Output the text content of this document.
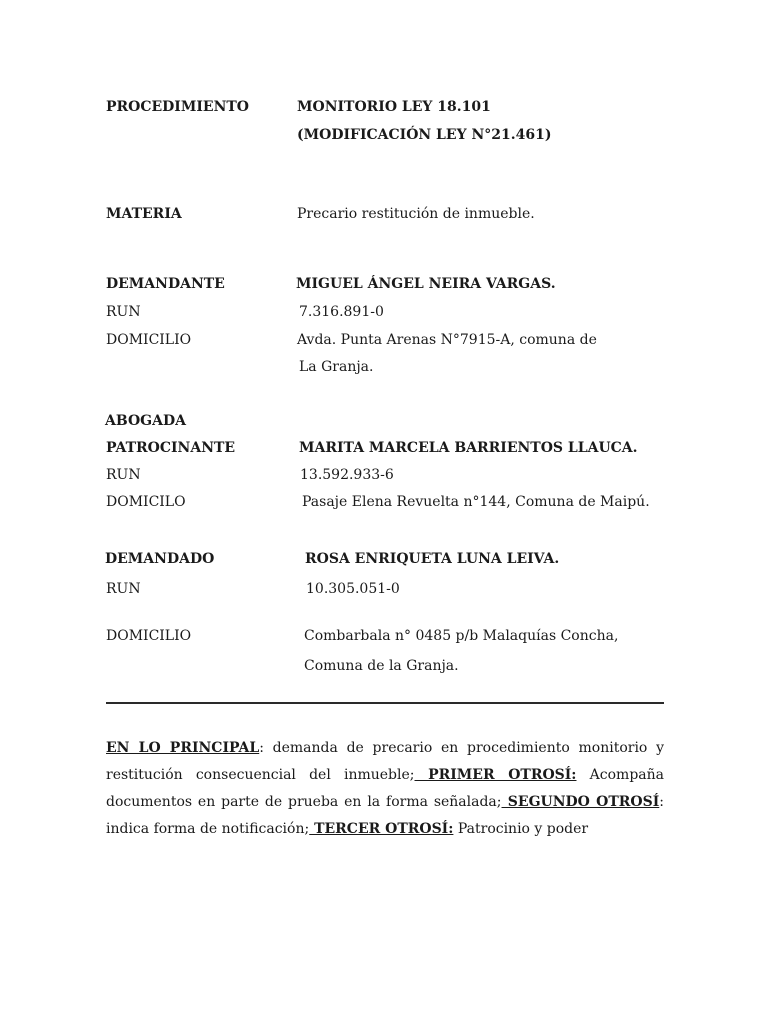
PROCEDIMIENTO	MONITORIO LEY 18.101
(MODIFICACIÓN LEY N°21.461)
MATERIA	Precario restitución de inmueble.
DEMANDANTE	MIGUEL ÁNGEL NEIRA VARGAS.
RUN	7.316.891-0
DOMICILIO	Avda. Punta Arenas N°7915-A, comuna de
La Granja.
ABOGADA
PATROCINANTE	MARITA MARCELA BARRIENTOS LLAUCA.
RUN	13.592.933-6
DOMICILO	Pasaje Elena Revuelta n°144, Comuna de Maipú.
DEMANDADO	ROSA ENRIQUETA LUNA LEIVA.
RUN	10.305.051-0
DOMICILIO	Combarbala n° 0485 p/b Malaquías Concha,
Comuna de la Granja.
EN LO PRINCIPAL: demanda de precario en procedimiento monitorio y
restitución consecuencial del inmueble; PRIMER OTROSÍ: Acompaña
documentos en parte de prueba en la forma señalada; SEGUNDO OTROSÍ:
indica forma de notificación; TERCER OTROSÍ: Patrocinio y poder
